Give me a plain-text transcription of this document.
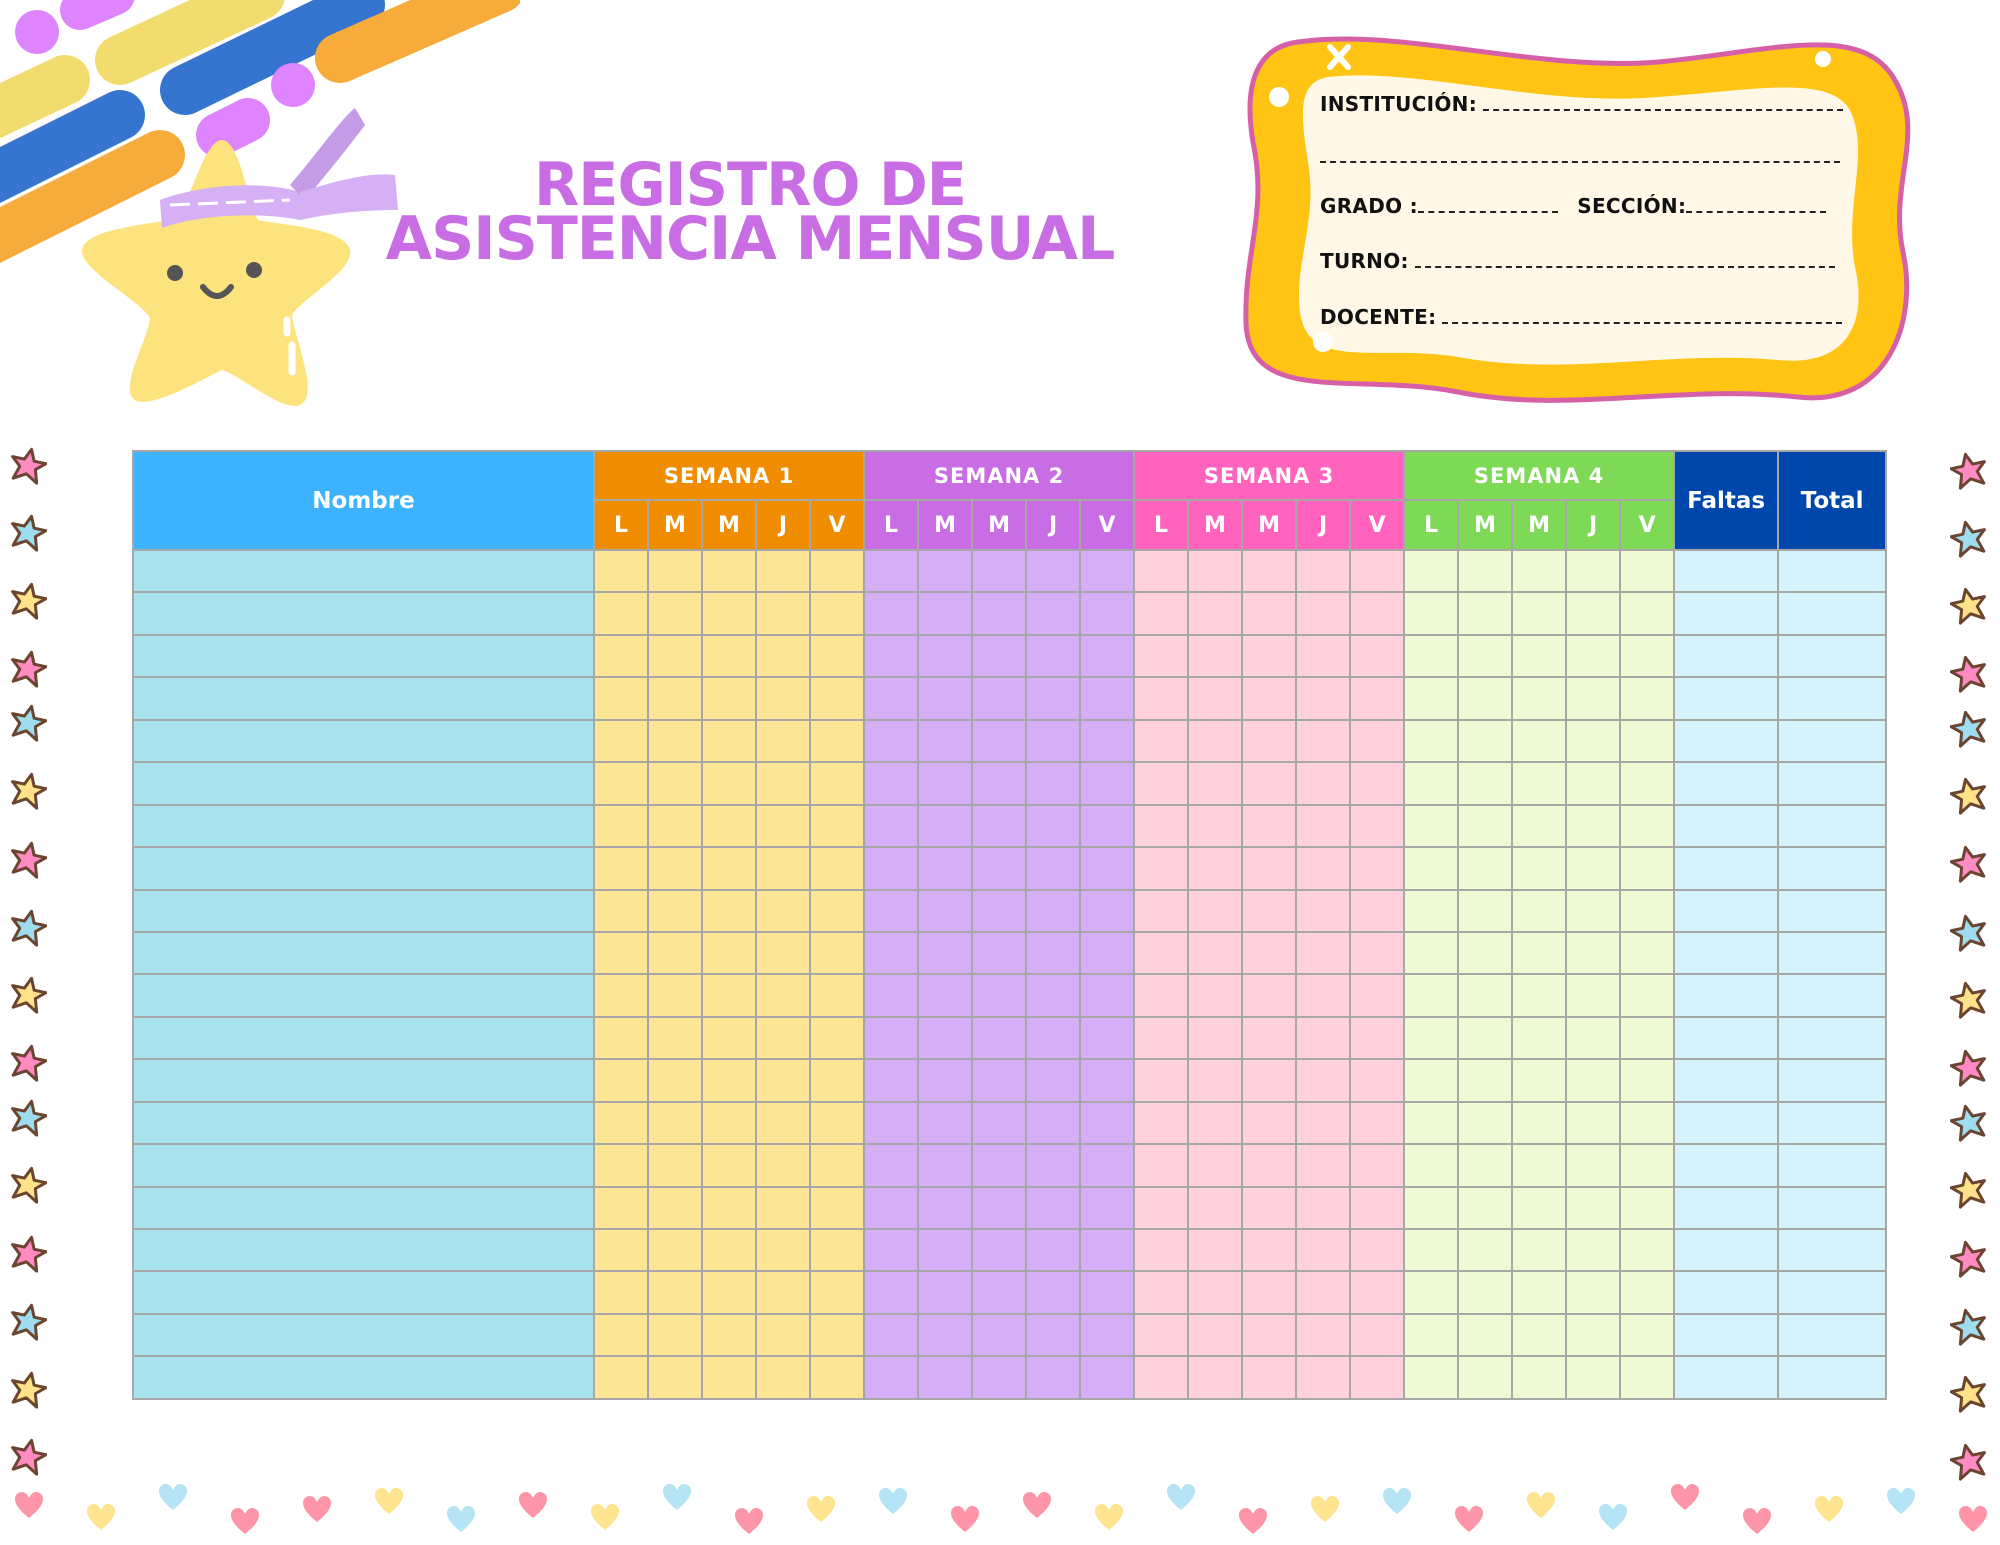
REGISTRO DE
ASISTENCIA MENSUAL
INSTITUCIÓN:
GRADO :	SECCIÓN:
TURNO:
DOCENTE:
Nombre	SEMANA 1					SEMANA 2					SEMANA 3					SEMANA 4					Faltas	Total
	L	M	M	J	V	L	M	M	J	V	L	M	M	J	V	L	M	M	J	V		
